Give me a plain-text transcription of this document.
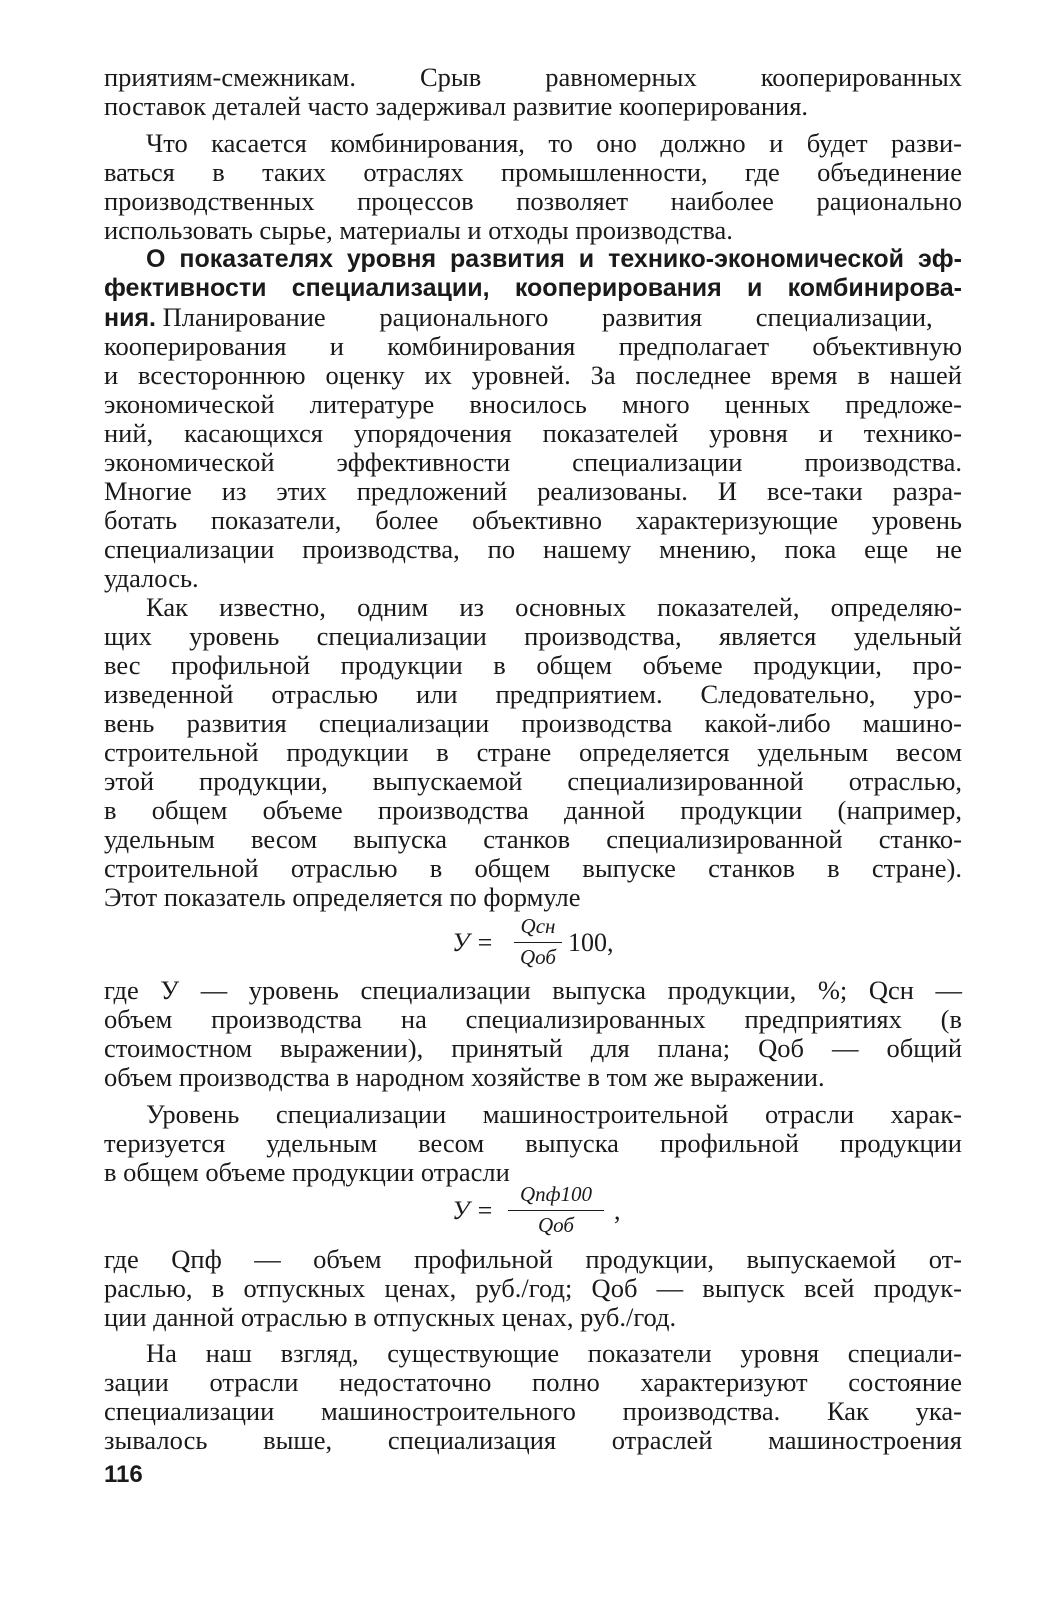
приятиям-смежникам. Срыв равномерных кооперированных
поставок деталей часто задерживал развитие кооперирования.
Что касается комбинирования, то оно должно и будет разви-
ваться в таких отраслях промышленности, где объединение
производственных процессов позволяет наиболее рационально
использовать сырье, материалы и отходы производства.
О показателях уровня развития и технико-экономической эф-
фективности специализации, кооперирования и комбинирова-
ния. Планирование рационального развития специализации,
кооперирования и комбинирования предполагает объективную
и всестороннюю оценку их уровней. За последнее время в нашей
экономической литературе вносилось много ценных предложе-
ний, касающихся упорядочения показателей уровня и технико-
экономической эффективности специализации производства.
Многие из этих предложений реализованы. И все-таки разра-
ботать показатели, более объективно характеризующие уровень
специализации производства, по нашему мнению, пока еще не
удалось.
Как известно, одним из основных показателей, определяю-
щих уровень специализации производства, является удельный
вес профильной продукции в общем объеме продукции, про-
изведенной отраслью или предприятием. Следовательно, уро-
вень развития специализации производства какой-либо машино-
строительной продукции в стране определяется удельным весом
этой продукции, выпускаемой специализированной отраслью,
в общем объеме производства данной продукции (например,
удельным весом выпуска станков специализированной станко-
строительной отраслью в общем выпуске станков в стране).
Этот показатель определяется по формуле
У =
Qсн
Qоб 100,
где У — уровень специализации выпуска продукции, %; Qсн —
объем производства на специализированных предприятиях (в
стоимостном выражении), принятый для плана; Qоб — общий
объем производства в народном хозяйстве в том же выражении.
Уровень специализации машиностроительной отрасли харак-
теризуется удельным весом выпуска профильной продукции
в общем объеме продукции отрасли
У =
Qпф100
Qоб	,
где Qпф — объем профильной продукции, выпускаемой от-
раслью, в отпускных ценах, руб./год; Qоб — выпуск всей продук-
ции данной отраслью в отпускных ценах, руб./год.
На наш взгляд, существующие показатели уровня специали-
зации отрасли недостаточно полно характеризуют состояние
специализации машиностроительного производства. Как ука-
зывалось выше, специализация отраслей машиностроения
116
